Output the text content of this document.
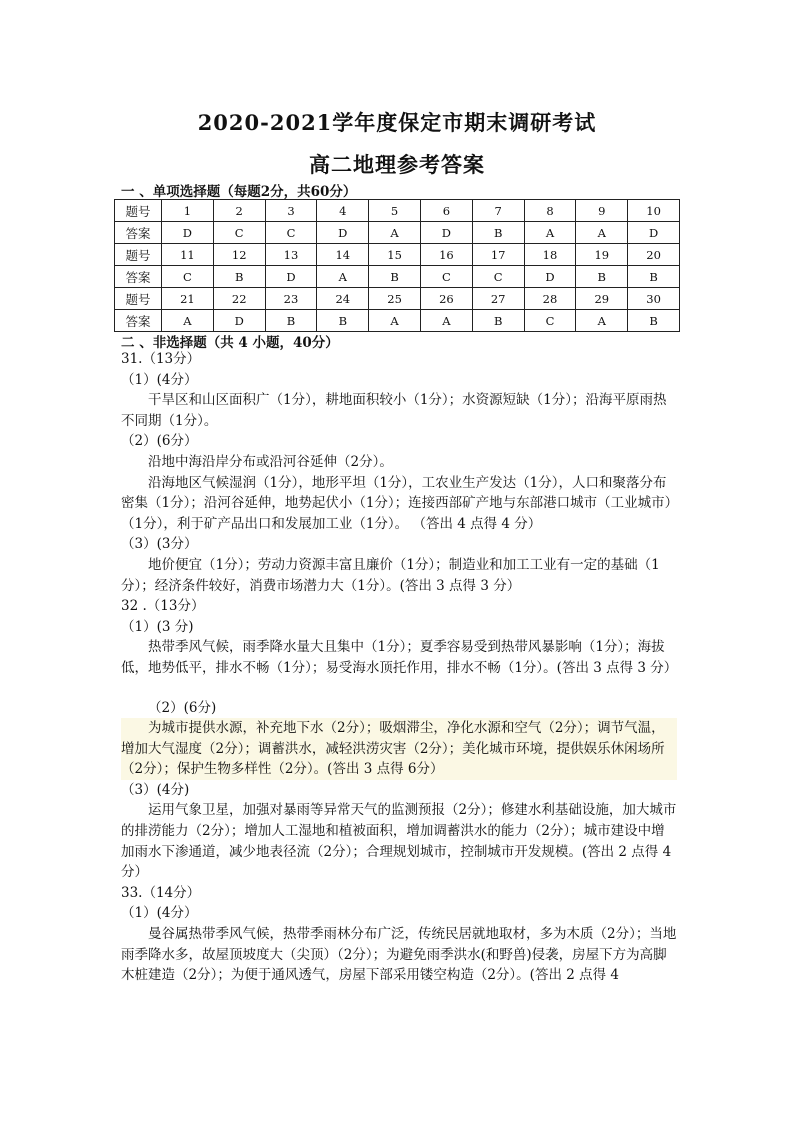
2020-2021学年度保定市期末调研考试
高二地理参考答案
一 、单项选择题（每题2分，共60分）
题号	1	2	3	4	5	6	7	8	9	10
答案	D	C	C	D	A	D	B	A	A	D
题号	11	12	13	14	15	16	17	18	19	20
答案	C	B	D	A	B	C	C	D	B	B
题号	21	22	23	24	25	26	27	28	29	30
答案	A	D	B	B	A	A	B	C	A	B
二 、非选择题（共 4 小题，40分）

31.（13分）

（1）(4分）

干旱区和山区面积广（1分），耕地面积较小（1分）；水资源短缺（1分）；沿海平原雨热不同期（1分）。

（2）(6分）

沿地中海沿岸分布或沿河谷延伸（2分）。

沿海地区气候湿润（1分），地形平坦（1分），工农业生产发达（1分），人口和聚落分布密集（1分）；沿河谷延伸，地势起伏小（1分）；连接西部矿产地与东部港口城市（工业城市）（1分），利于矿产品出口和发展加工业（1分）。 （答出 4 点得 4 分）

（3）(3分）

地价便宜（1分）；劳动力资源丰富且廉价（1分）；制造业和加工工业有一定的基础（1分）；经济条件较好，消费市场潜力大（1分）。(答出 3 点得 3 分）

32 .（13分）

（1）(3 分)

热带季风气候，雨季降水量大且集中（1分）；夏季容易受到热带风暴影响（1分）；海拔低，地势低平，排水不畅（1分）；易受海水顶托作用，排水不畅（1分）。(答出 3 点得 3 分）

（2）(6分)

为城市提供水源，补充地下水（2分）；吸烟滞尘，净化水源和空气（2分）；调节气温，增加大气湿度（2分）；调蓄洪水，减轻洪涝灾害（2分）；美化城市环境，提供娱乐休闲场所（2分）；保护生物多样性（2分）。(答出 3 点得 6分）

（3）(4分)

运用气象卫星，加强对暴雨等异常天气的监测预报（2分）；修建水利基础设施，加大城市的排涝能力（2分）；增加人工湿地和植被面积，增加调蓄洪水的能力（2分）；城市建设中增加雨水下渗通道，减少地表径流（2分）；合理规划城市，控制城市开发规模。(答出 2 点得 4 分）

33.（14分）

（1）(4分）

曼谷属热带季风气候，热带季雨林分布广泛，传统民居就地取材，多为木质（2分）；当地雨季降水多，故屋顶坡度大（尖顶）（2分）；为避免雨季洪水(和野兽)侵袭，房屋下方为高脚木桩建造（2分）；为便于通风透气，房屋下部采用镂空构造（2分）。(答出 2 点得 4
